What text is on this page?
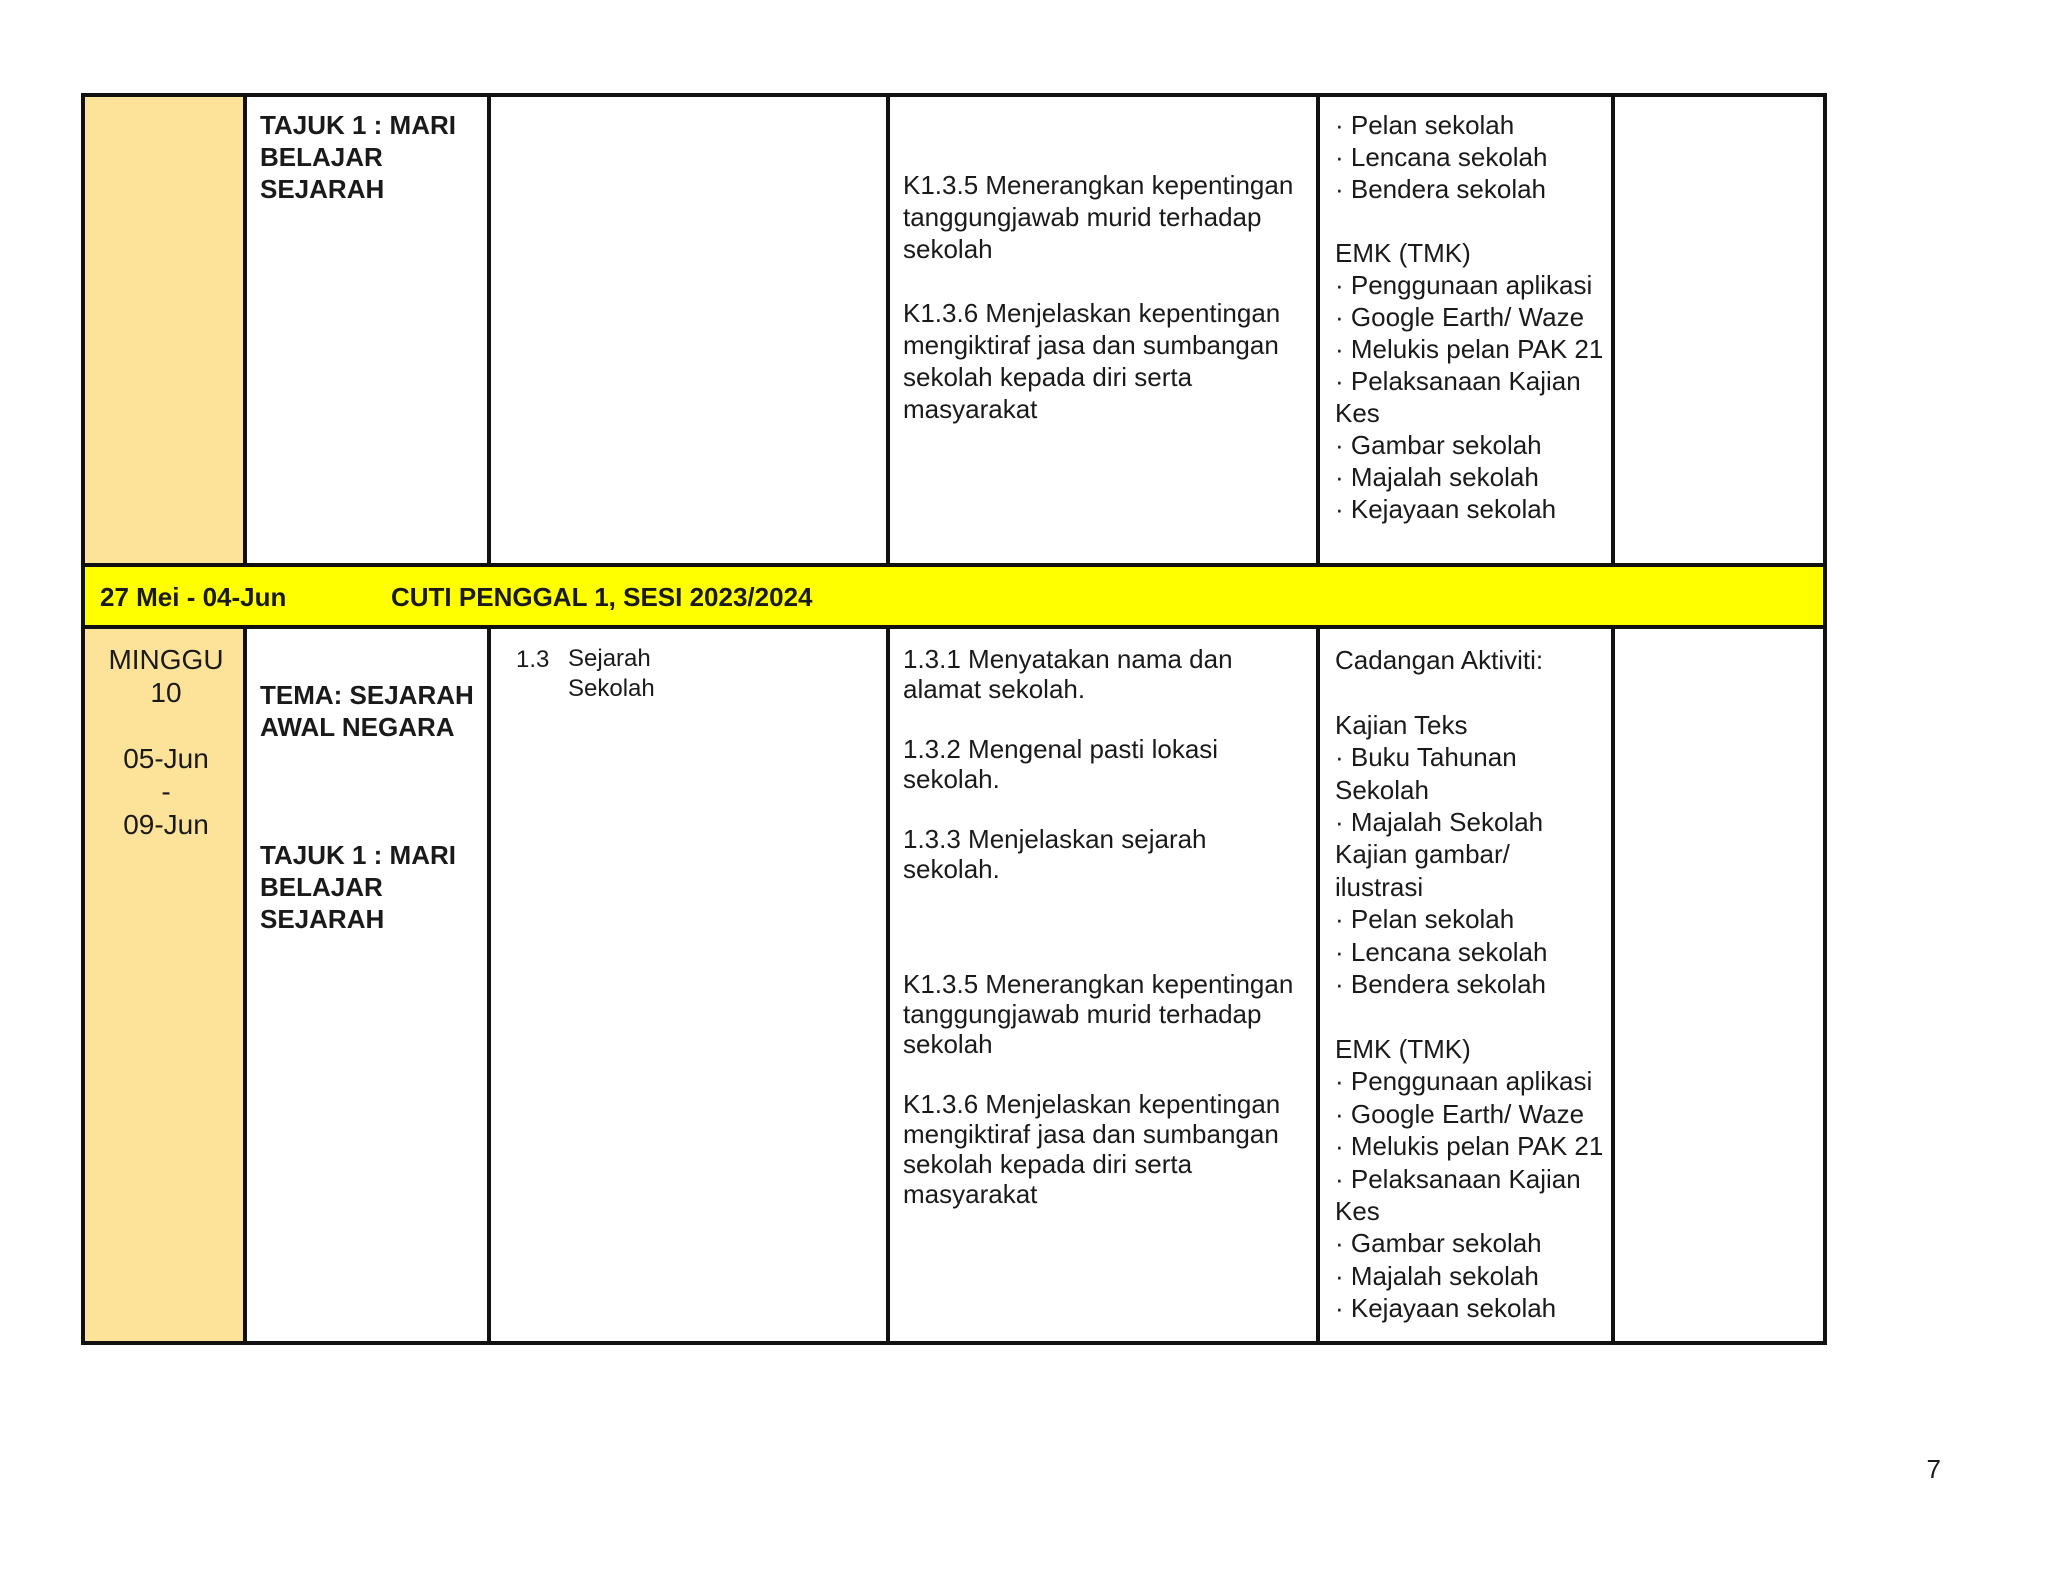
TAJUK 1 : MARI
BELAJAR
SEJARAH	K1.3.5 Menerangkan kepentingan
tanggungjawab murid terhadap
sekolah

K1.3.6 Menjelaskan kepentingan
mengiktiraf jasa dan sumbangan
sekolah kepada diri serta
masyarakat
· Pelan sekolah
· Lencana sekolah
· Bendera sekolah

EMK (TMK)
· Penggunaan aplikasi
· Google Earth/ Waze
· Melukis pelan PAK 21
· Pelaksanaan Kajian
Kes
· Gambar sekolah
· Majalah sekolah
· Kejayaan sekolah
27 Mei - 04-Jun	CUTI PENGGAL 1, SESI 2023/2024
MINGGU
10

05-Jun
-
09-Jun
TEMA: SEJARAH
AWAL NEGARA
TAJUK 1 : MARI
BELAJAR
SEJARAH
1.3 Sejarah
Sekolah
1.3.1 Menyatakan nama dan
alamat sekolah.

1.3.2 Mengenal pasti lokasi
sekolah.

1.3.3 Menjelaskan sejarah
sekolah.
K1.3.5 Menerangkan kepentingan
tanggungjawab murid terhadap
sekolah

K1.3.6 Menjelaskan kepentingan
mengiktiraf jasa dan sumbangan
sekolah kepada diri serta
masyarakat
Cadangan Aktiviti:

Kajian Teks
· Buku Tahunan
Sekolah
· Majalah Sekolah
Kajian gambar/
ilustrasi
· Pelan sekolah
· Lencana sekolah
· Bendera sekolah

EMK (TMK)
· Penggunaan aplikasi
· Google Earth/ Waze
· Melukis pelan PAK 21
· Pelaksanaan Kajian
Kes
· Gambar sekolah
· Majalah sekolah
· Kejayaan sekolah
7
